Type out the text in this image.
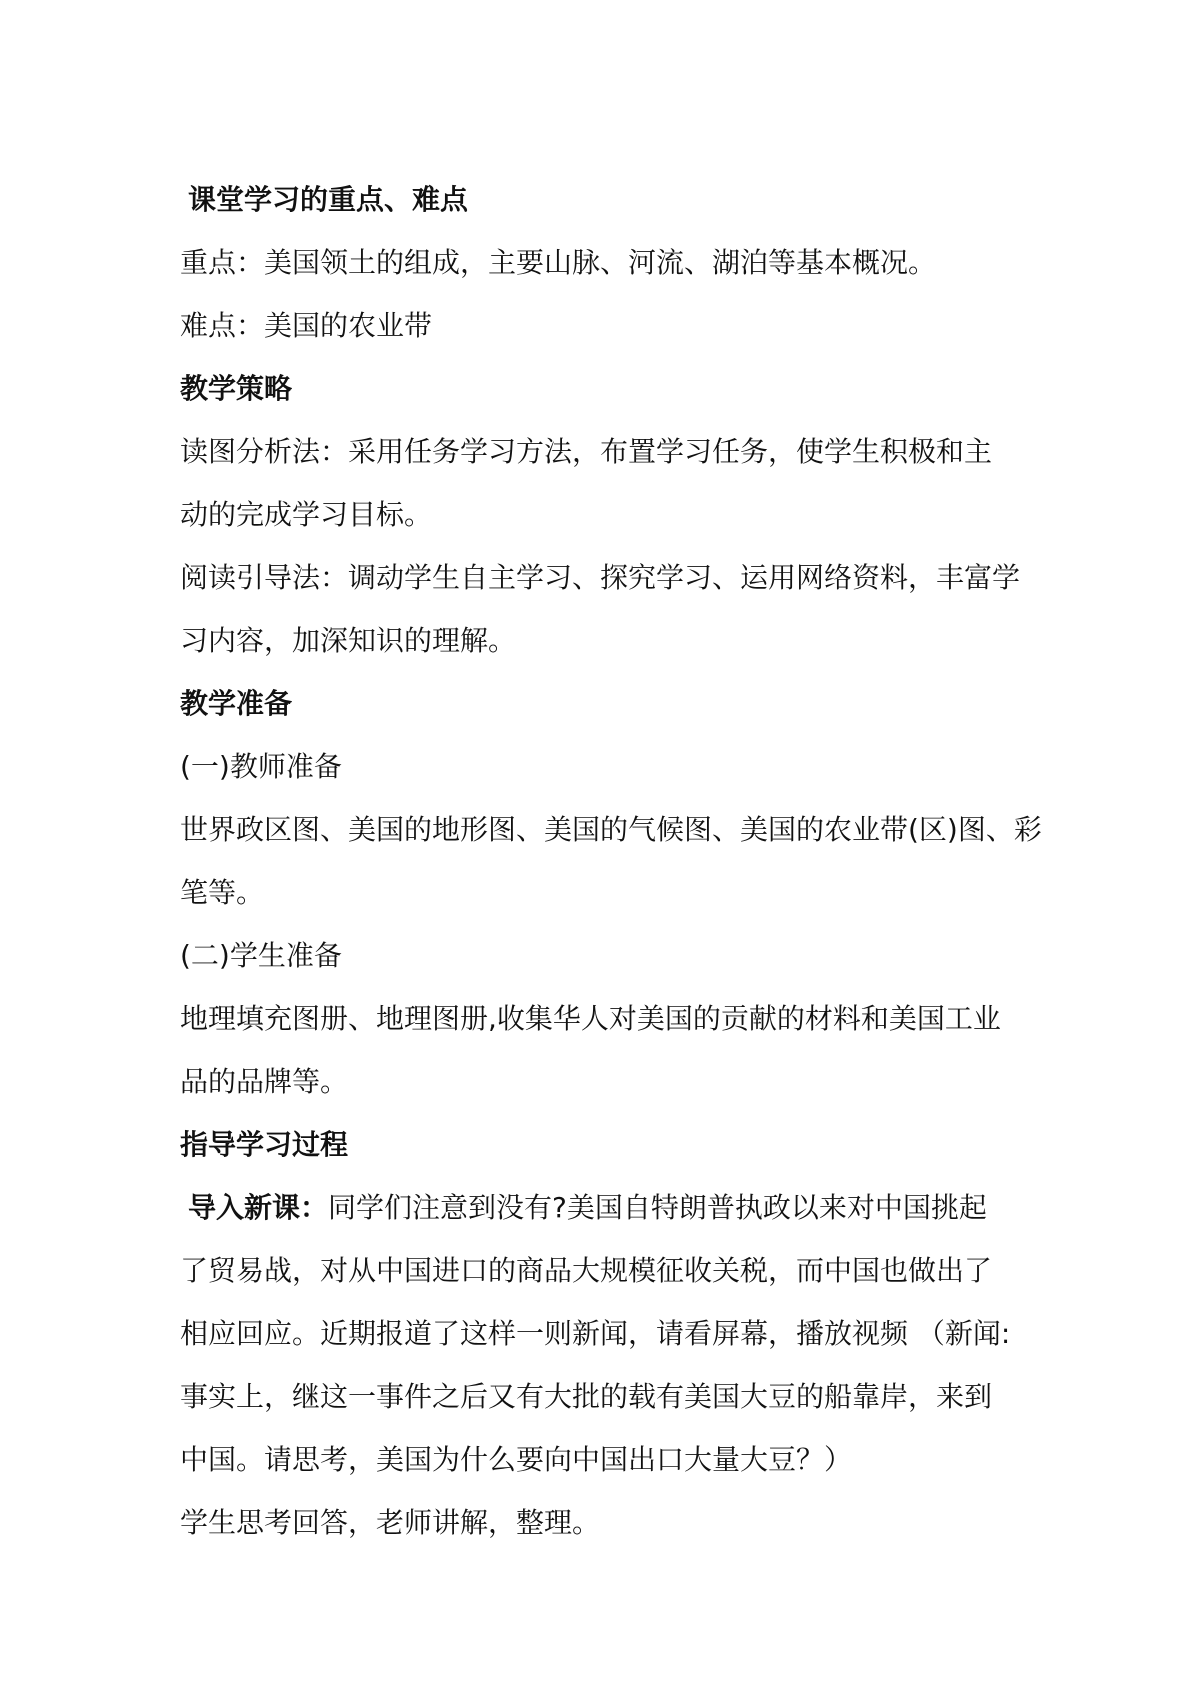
课堂学习的重点、难点
重点：美国领土的组成，主要山脉、河流、湖泊等基本概况。
难点：美国的农业带
教学策略
读图分析法：采用任务学习方法，布置学习任务，使学生积极和主
动的完成学习目标。
阅读引导法：调动学生自主学习、探究学习、运用网络资料，丰富学
习内容，加深知识的理解。
教学准备
(一)教师准备
世界政区图、美国的地形图、美国的气候图、美国的农业带(区)图、彩
笔等。
(二)学生准备
地理填充图册、地理图册,收集华人对美国的贡献的材料和美国工业
品的品牌等。
指导学习过程
导入新课：同学们注意到没有?美国自特朗普执政以来对中国挑起
了贸易战，对从中国进口的商品大规模征收关税，而中国也做出了
相应回应。近期报道了这样一则新闻，请看屏幕，播放视频 （新闻:
事实上，继这一事件之后又有大批的载有美国大豆的船靠岸，来到
中国。请思考，美国为什么要向中国出口大量大豆？）
学生思考回答，老师讲解，整理。
